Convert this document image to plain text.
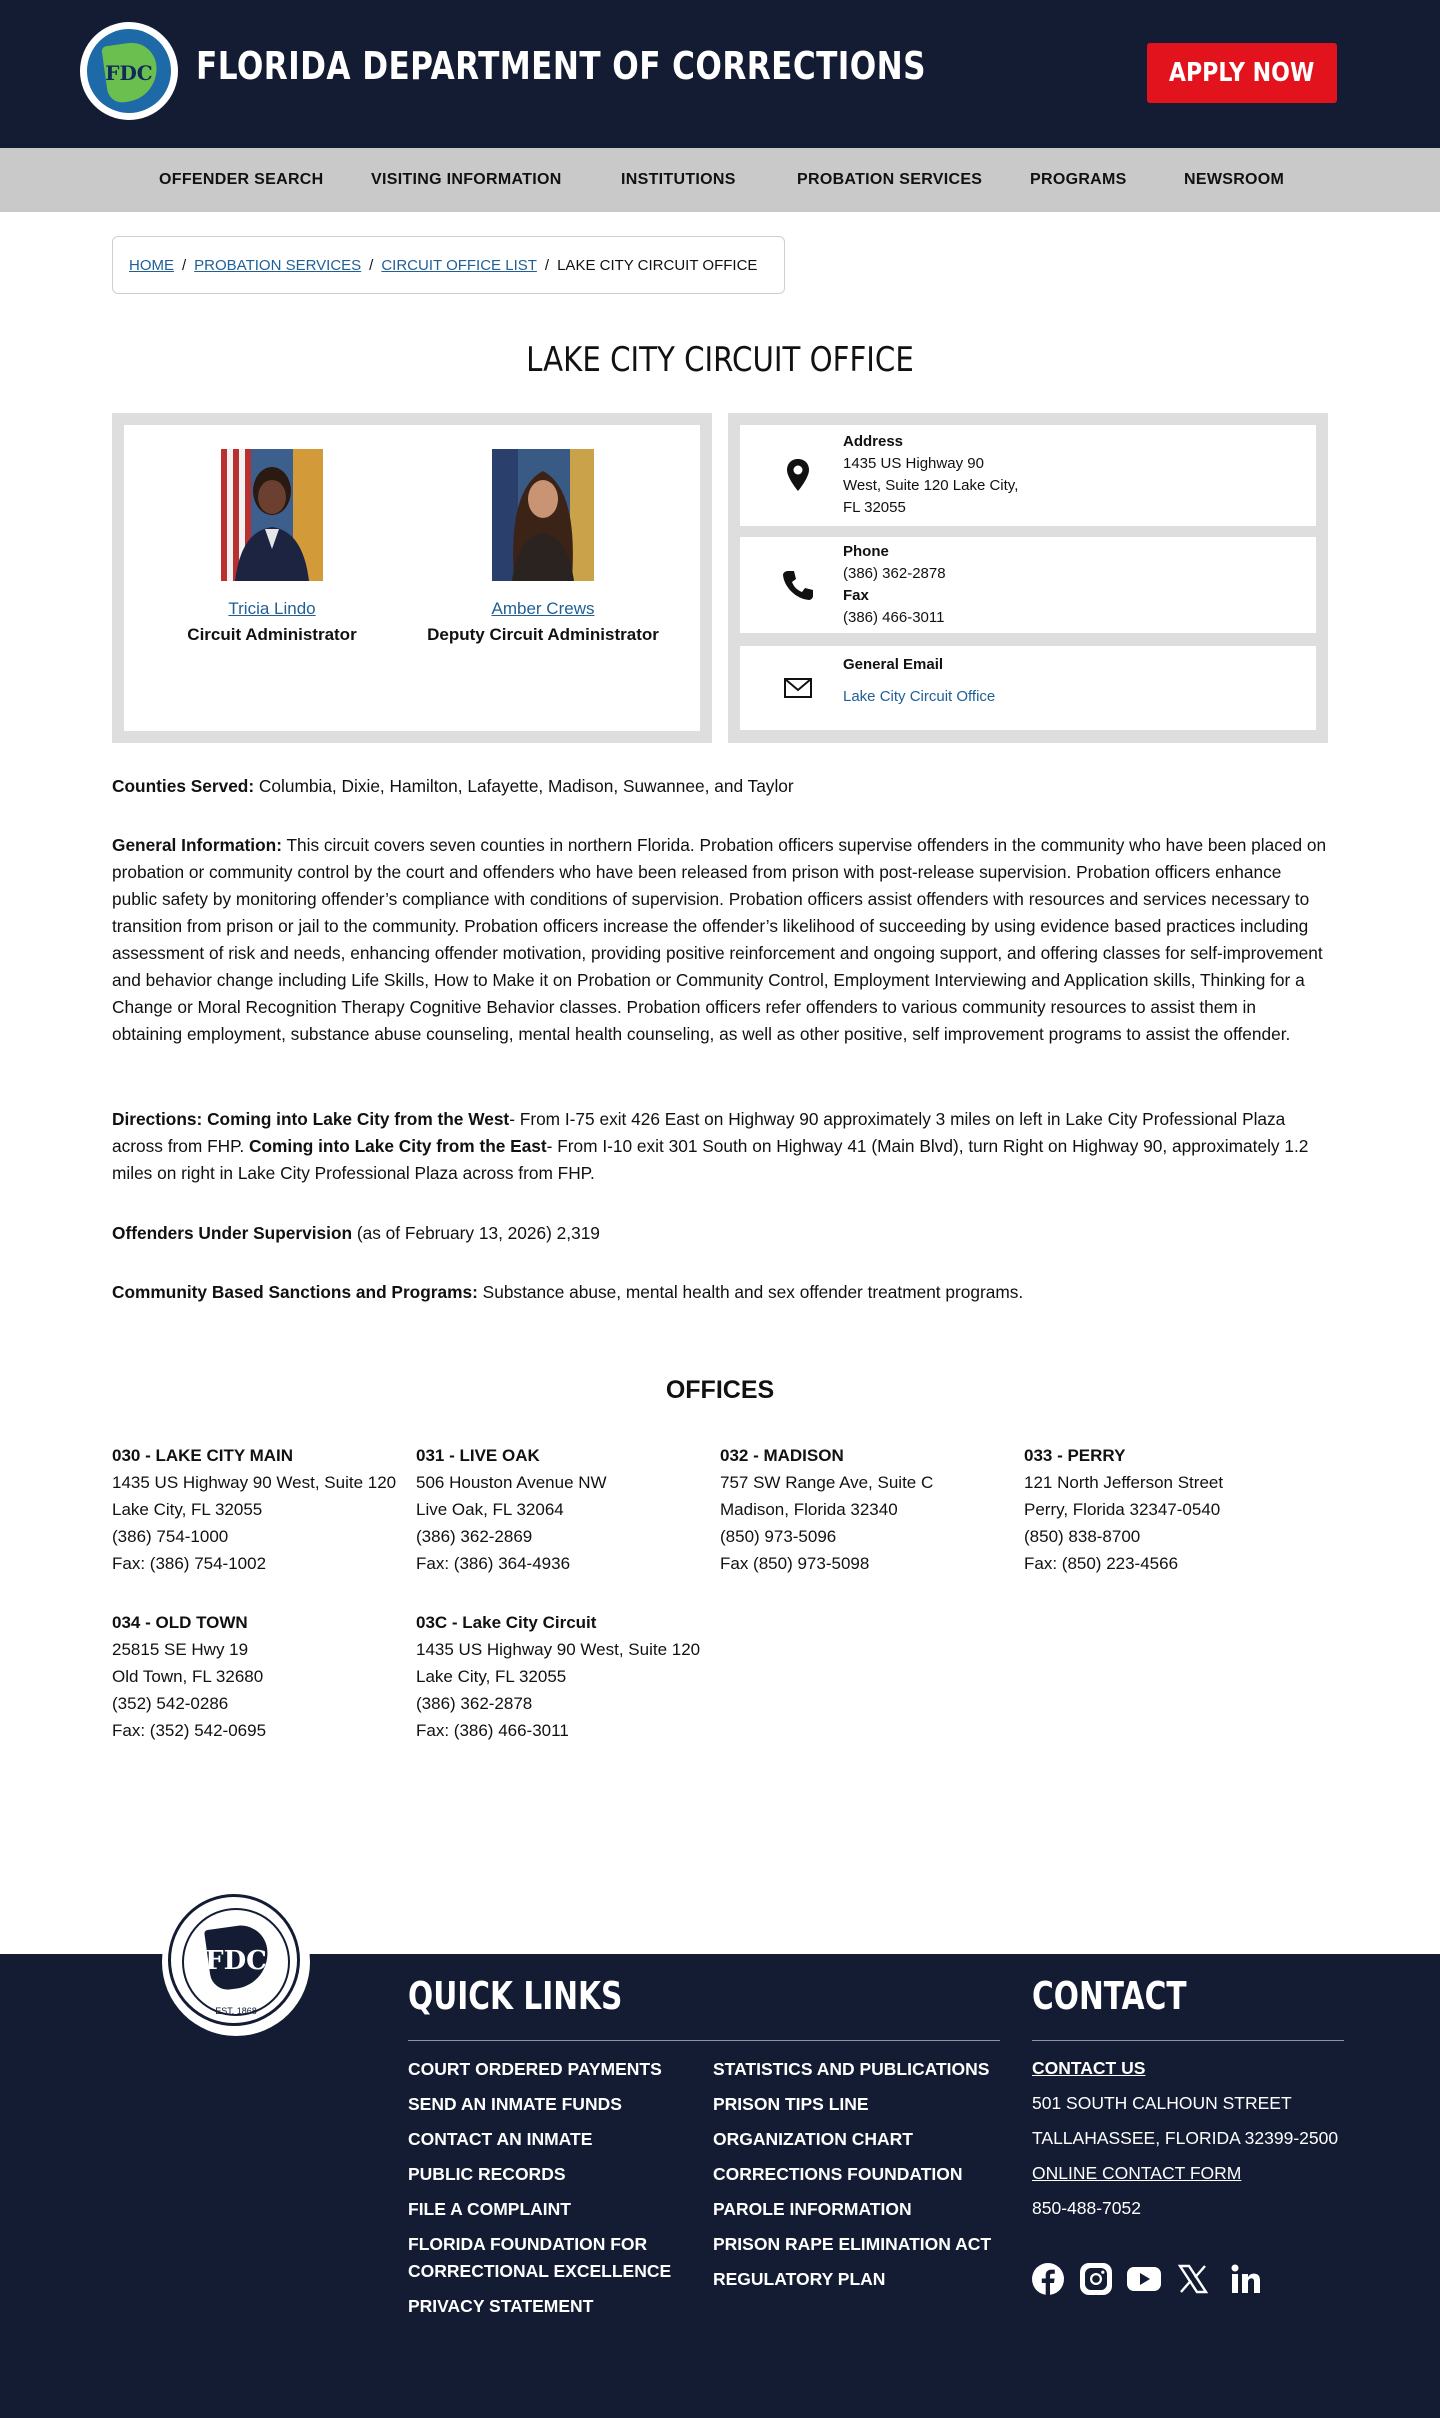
FDC	FLORIDA DEPARTMENT OF CORRECTIONS	APPLY NOW
OFFENDER SEARCH	VISITING INFORMATION	INSTITUTIONS	PROBATION SERVICES	PROGRAMS	NEWSROOM
HOME / PROBATION SERVICES / CIRCUIT OFFICE LIST / LAKE CITY CIRCUIT OFFICE
LAKE CITY CIRCUIT OFFICE
Tricia Lindo
Circuit Administrator
Amber Crews
Deputy Circuit Administrator
Address
1435 US Highway 90
West, Suite 120 Lake City,
FL 32055
Phone
(386) 362-2878
Fax
(386) 466-3011
General Email
Lake City Circuit Office
Counties Served: Columbia, Dixie, Hamilton, Lafayette, Madison, Suwannee, and Taylor
General Information: This circuit covers seven counties in northern Florida. Probation officers supervise offenders in the community who have been placed on probation or community control by the court and offenders who have been released from prison with post-release supervision. Probation officers enhance public safety by monitoring offender’s compliance with conditions of supervision. Probation officers assist offenders with resources and services necessary to transition from prison or jail to the community. Probation officers increase the offender’s likelihood of succeeding by using evidence based practices including assessment of risk and needs, enhancing offender motivation, providing positive reinforcement and ongoing support, and offering classes for self-improvement and behavior change including Life Skills, How to Make it on Probation or Community Control, Employment Interviewing and Application skills, Thinking for a Change or Moral Recognition Therapy Cognitive Behavior classes. Probation officers refer offenders to various community resources to assist them in obtaining employment, substance abuse counseling, mental health counseling, as well as other positive, self improvement programs to assist the offender.
Directions: Coming into Lake City from the West- From I-75 exit 426 East on Highway 90 approximately 3 miles on left in Lake City Professional Plaza across from FHP. Coming into Lake City from the East- From I-10 exit 301 South on Highway 41 (Main Blvd), turn Right on Highway 90, approximately 1.2 miles on right in Lake City Professional Plaza across from FHP.
Offenders Under Supervision (as of February 13, 2026) 2,319
Community Based Sanctions and Programs: Substance abuse, mental health and sex offender treatment programs.
OFFICES
030 - LAKE CITY MAIN
1435 US Highway 90 West, Suite 120
Lake City, FL 32055
(386) 754-1000
Fax: (386) 754-1002
031 - LIVE OAK
506 Houston Avenue NW
Live Oak, FL 32064
(386) 362-2869
Fax: (386) 364-4936
032 - MADISON
757 SW Range Ave, Suite C
Madison, Florida 32340
(850) 973-5096
Fax (850) 973-5098
033 - PERRY
121 North Jefferson Street
Perry, Florida 32347-0540
(850) 838-8700
Fax: (850) 223-4566
034 - OLD TOWN
25815 SE Hwy 19
Old Town, FL 32680
(352) 542-0286
Fax: (352) 542-0695
03C - Lake City Circuit
1435 US Highway 90 West, Suite 120
Lake City, FL 32055
(386) 362-2878
Fax: (386) 466-3011
FDC
EST. 1868	QUICK LINKS
COURT ORDERED PAYMENTS
SEND AN INMATE FUNDS
CONTACT AN INMATE
PUBLIC RECORDS
FILE A COMPLAINT
FLORIDA FOUNDATION FOR
CORRECTIONAL EXCELLENCE
PRIVACY STATEMENT
STATISTICS AND PUBLICATIONS
PRISON TIPS LINE
ORGANIZATION CHART
CORRECTIONS FOUNDATION
PAROLE INFORMATION
PRISON RAPE ELIMINATION ACT
REGULATORY PLAN
CONTACT
CONTACT US
501 SOUTH CALHOUN STREET
TALLAHASSEE, FLORIDA 32399-2500
ONLINE CONTACT FORM
850-488-7052
